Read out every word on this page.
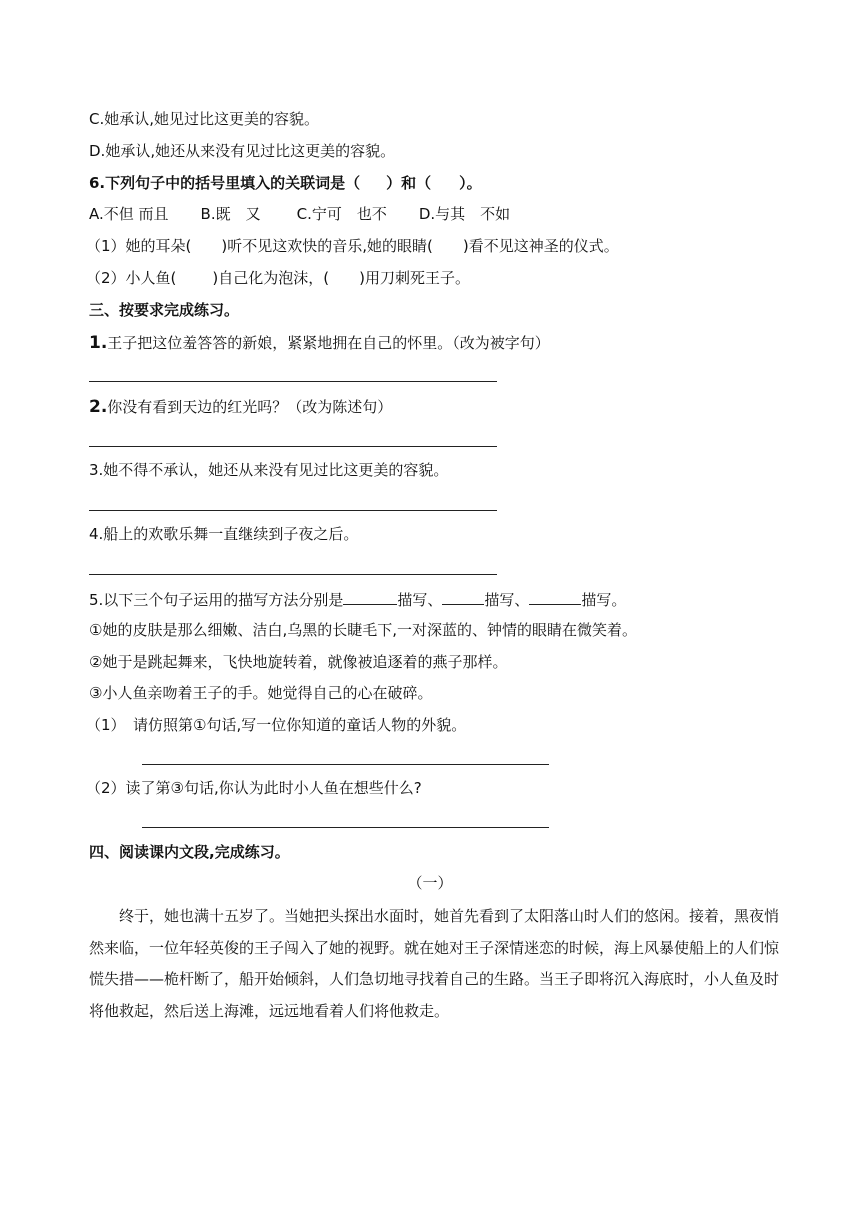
C.她承认,她见过比这更美的容貌。
D.她承认,她还从来没有见过比这更美的容貌。
6.下列句子中的括号里填入的关联词是（ ）和（ ）。
A.不但 而且 B.既　又 C.宁可　也不 D.与其　不如
（1）她的耳朵( )听不见这欢快的音乐,她的眼睛( )看不见这神圣的仪式。
（2）小人鱼( )自己化为泡沫，( )用刀刺死王子。
三、按要求完成练习。
1.王子把这位羞答答的新娘，紧紧地拥在自己的怀里。（改为被字句）
2.你没有看到天边的红光吗？（改为陈述句）
3.她不得不承认，她还从来没有见过比这更美的容貌。
4.船上的欢歌乐舞一直继续到子夜之后。
5.以下三个句子运用的描写方法分别是	描写、	描写、	描写。
①她的皮肤是那么细嫩、洁白,乌黑的长睫毛下,一对深蓝的、钟情的眼睛在微笑着。
②她于是跳起舞来，飞快地旋转着，就像被追逐着的燕子那样。
③小人鱼亲吻着王子的手。她觉得自己的心在破碎。
（1）　请仿照第①句话,写一位你知道的童话人物的外貌。
（2）读了第③句话,你认为此时小人鱼在想些什么?
四、阅读课内文段,完成练习。
（一）
终于，她也满十五岁了。当她把头探出水面时，她首先看到了太阳落山时人们的悠闲。接着，黑夜悄然来临，一位年轻英俊的王子闯入了她的视野。就在她对王子深情迷恋的时候，海上风暴使船上的人们惊慌失措——桅杆断了，船开始倾斜，人们急切地寻找着自己的生路。当王子即将沉入海底时，小人鱼及时将他救起，然后送上海滩，远远地看着人们将他救走。
